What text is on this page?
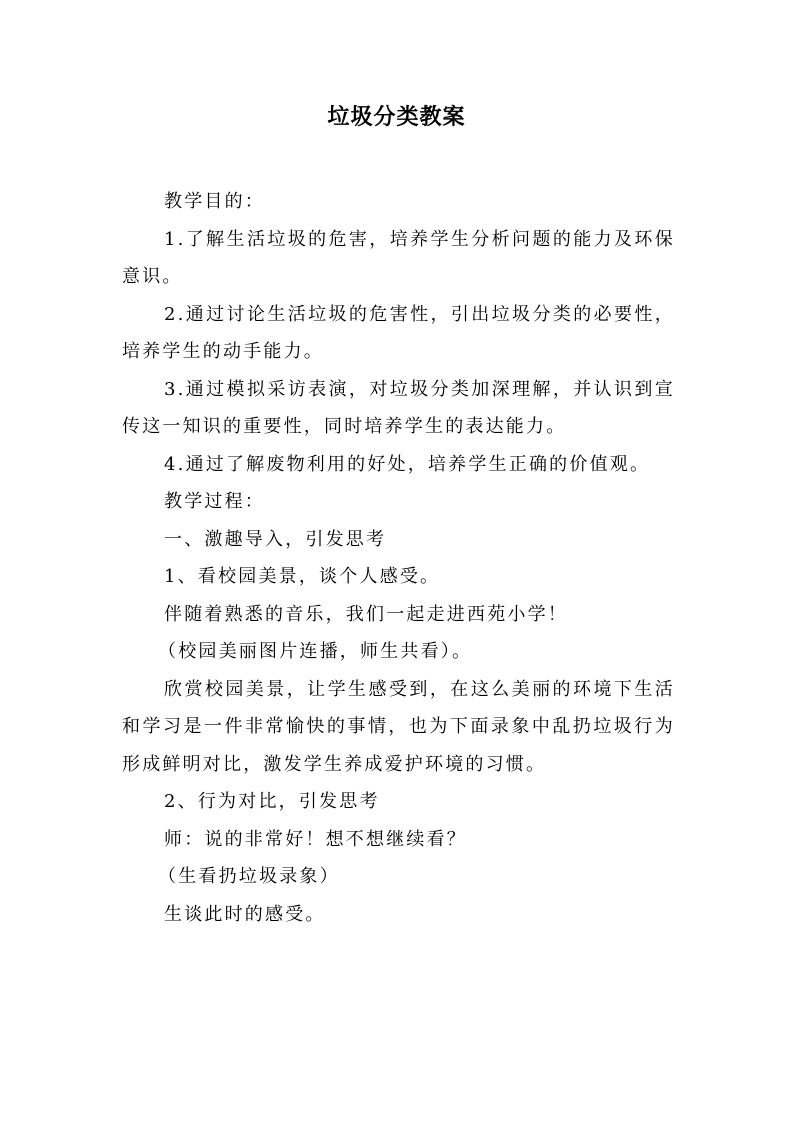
垃圾分类教案

教学目的：

1.了解生活垃圾的危害，培养学生分析问题的能力及环保意识。

2.通过讨论生活垃圾的危害性，引出垃圾分类的必要性，培养学生的动手能力。

3.通过模拟采访表演，对垃圾分类加深理解，并认识到宣传这一知识的重要性，同时培养学生的表达能力。

4.通过了解废物利用的好处，培养学生正确的价值观。

教学过程：

一、激趣导入，引发思考

1、看校园美景，谈个人感受。

伴随着熟悉的音乐，我们一起走进西苑小学！

（校园美丽图片连播，师生共看）。

欣赏校园美景，让学生感受到，在这么美丽的环境下生活和学习是一件非常愉快的事情，也为下面录象中乱扔垃圾行为形成鲜明对比，激发学生养成爱护环境的习惯。

2、行为对比，引发思考

师：说的非常好！想不想继续看？

（生看扔垃圾录象）

生谈此时的感受。
